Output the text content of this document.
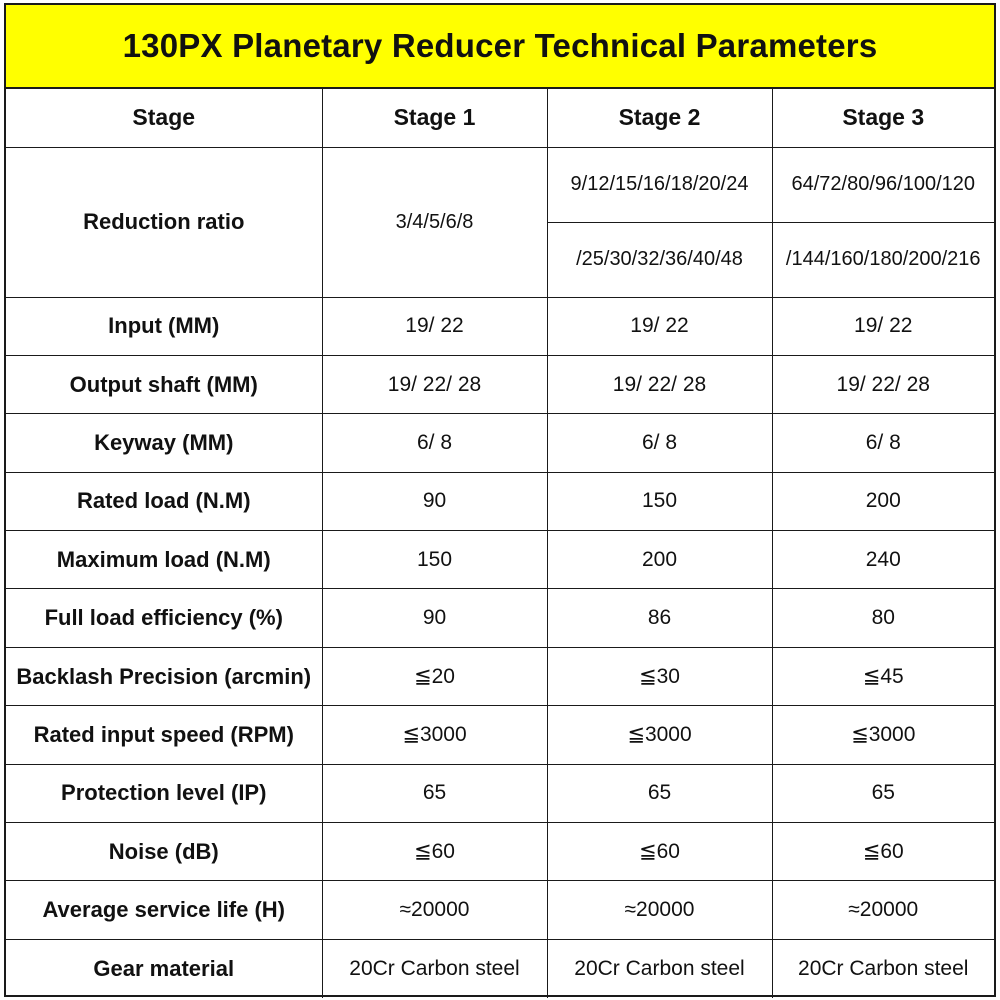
130PX Planetary Reducer Technical Parameters
Stage	Stage 1	Stage 2	Stage 3
Reduction ratio	3/4/5/6/8	9/12/15/16/18/20/24	64/72/80/96/100/120
		/25/30/32/36/40/48	/144/160/180/200/216
Input (MM)	19/ 22	19/ 22	19/ 22
Output shaft (MM)	19/ 22/ 28	19/ 22/ 28	19/ 22/ 28
Keyway (MM)	6/ 8	6/ 8	6/ 8
Rated load (N.M)	90	150	200
Maximum load (N.M)	150	200	240
Full load efficiency (%)	90	86	80
Backlash Precision (arcmin)	≦20	≦30	≦45
Rated input speed (RPM)	≦3000	≦3000	≦3000
Protection level (IP)	65	65	65
Noise (dB)	≦60	≦60	≦60
Average service life (H)	≈20000	≈20000	≈20000
Gear material	20Cr Carbon steel	20Cr Carbon steel	20Cr Carbon steel
